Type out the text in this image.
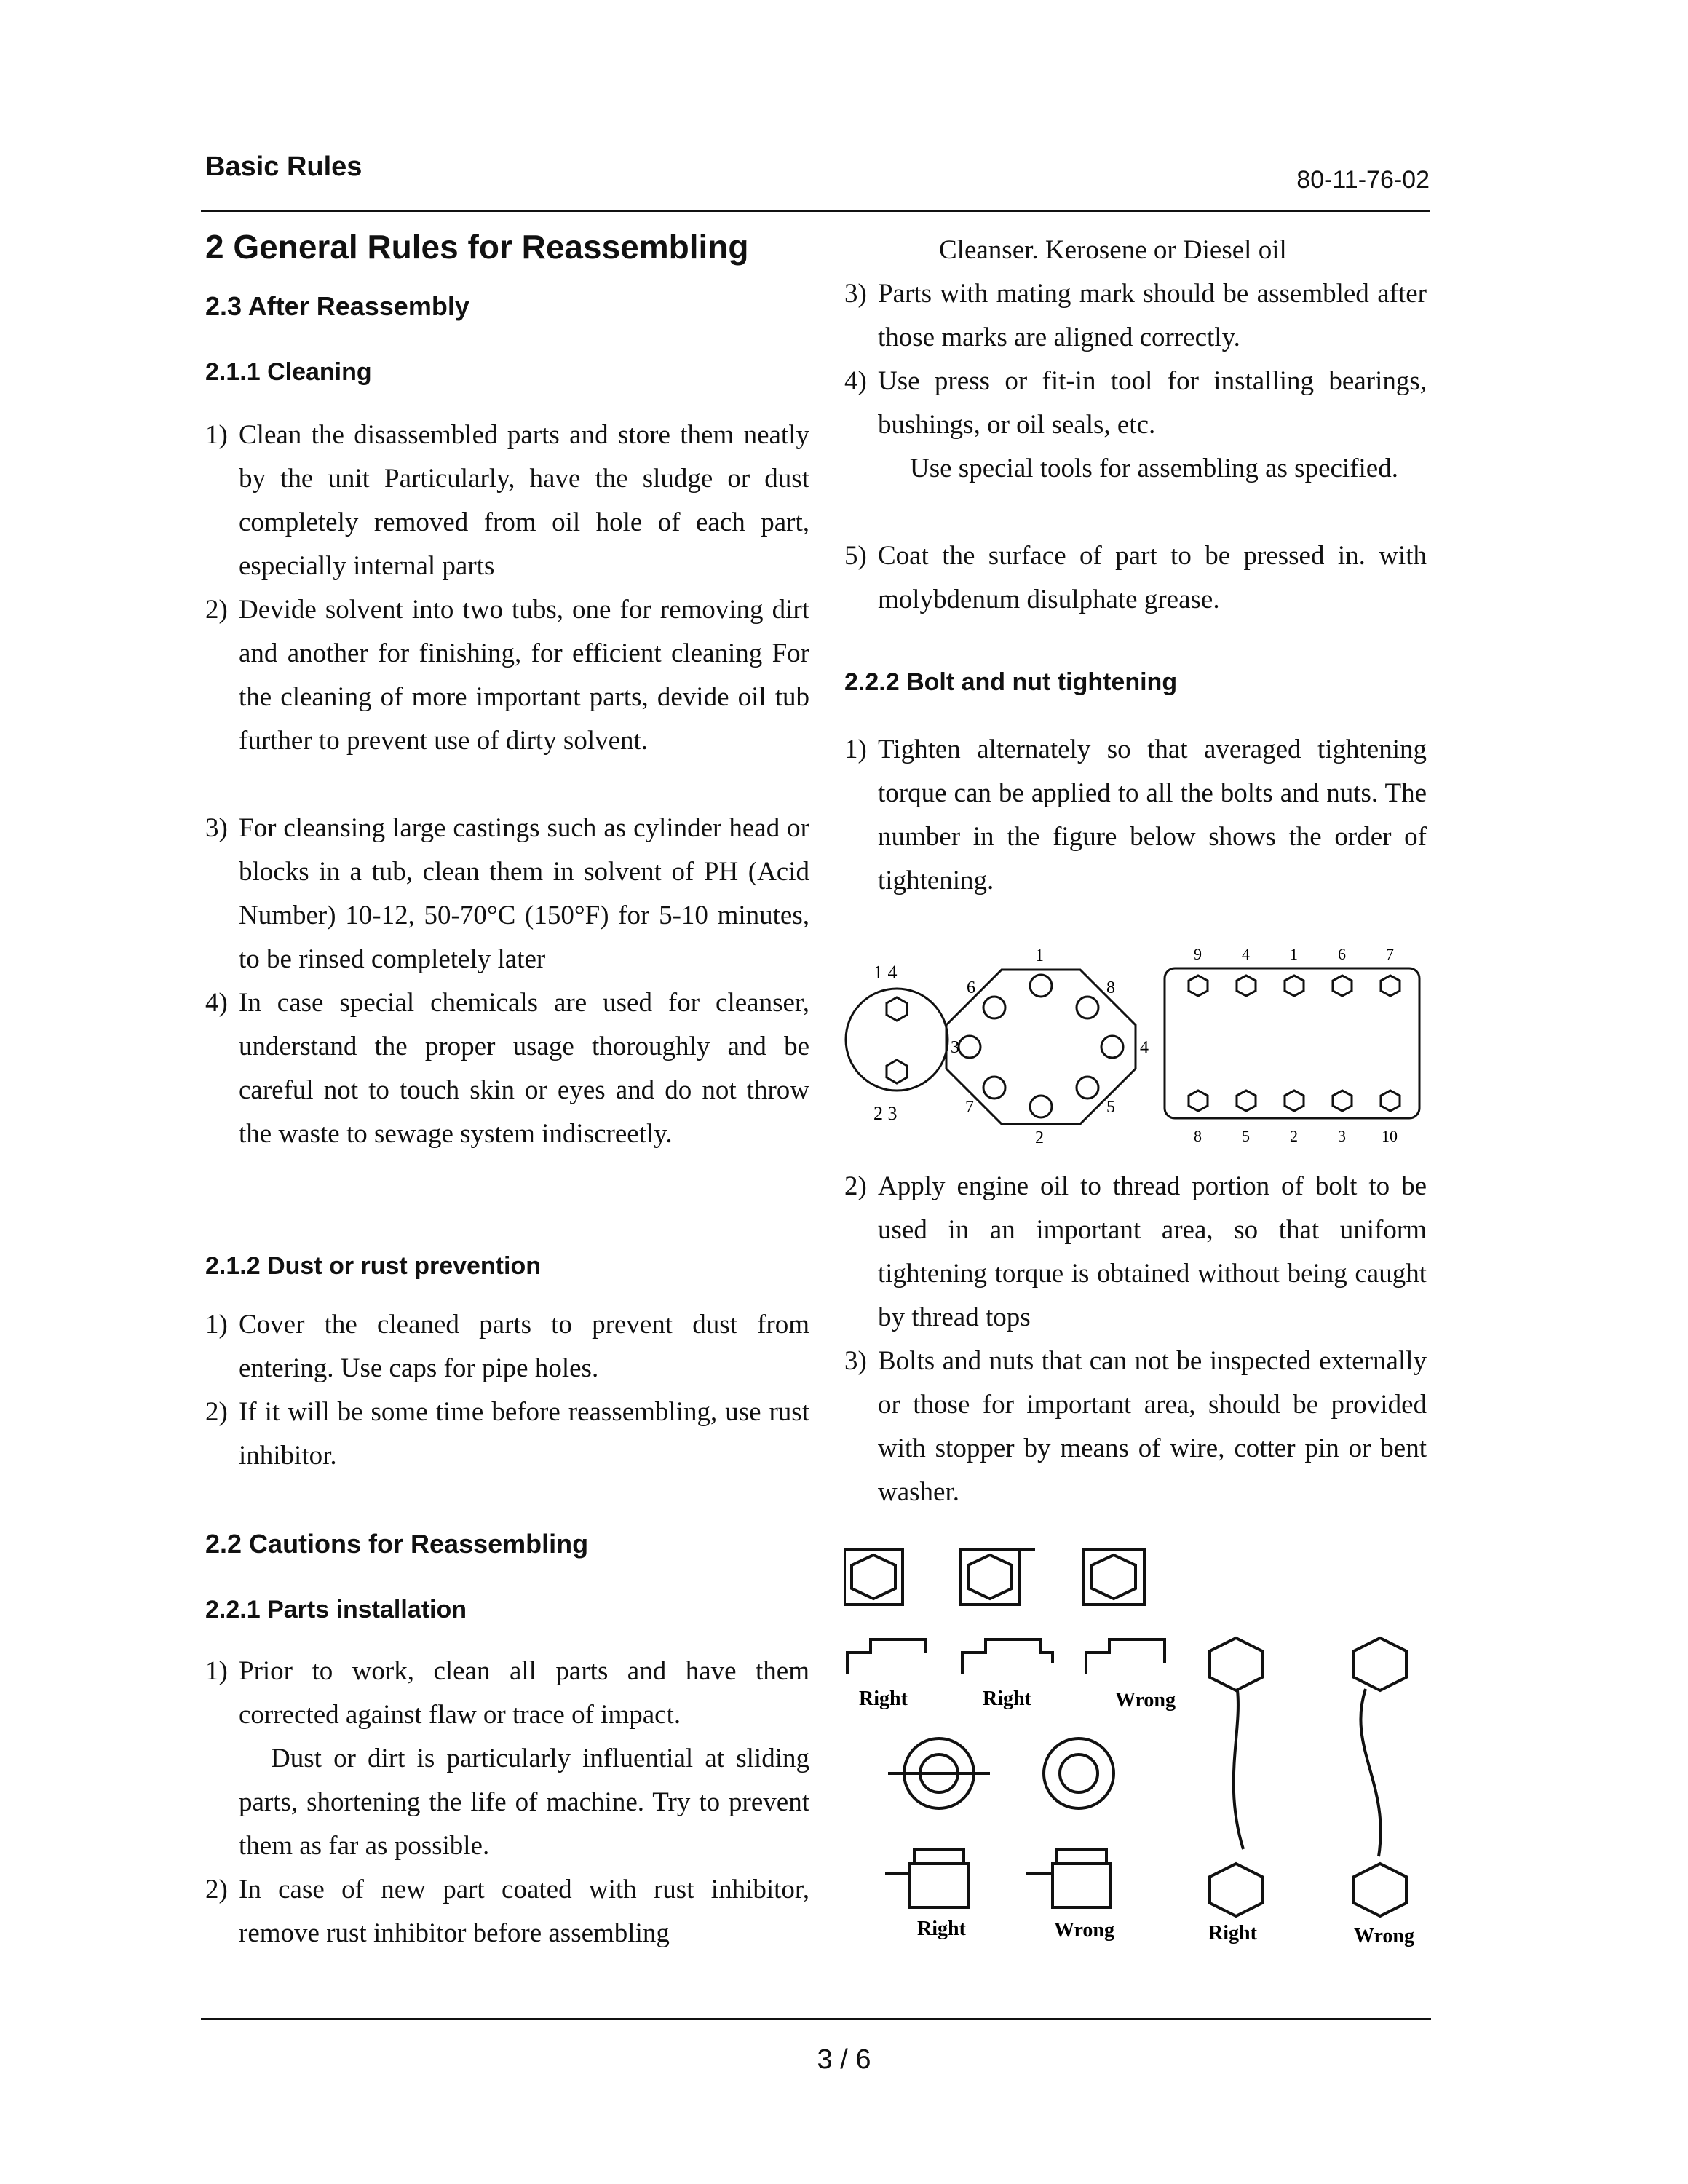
Basic Rules	80-11-76-02
2 General Rules for Reassembling
2.3 After Reassembly
2.1.1 Cleaning
1) Clean the disassembled parts and store them neatly by the unit Particularly, have the sludge or dust completely removed from oil hole of each part, especially internal parts
2) Devide solvent into two tubs, one for removing dirt and another for finishing, for efficient cleaning For the cleaning of more important parts, devide oil tub further to prevent use of dirty solvent.
3) For cleansing large castings such as cylinder head or blocks in a tub, clean them in solvent of PH (Acid Number) 10-12, 50-70°C (150°F) for 5-10 minutes, to be rinsed completely later
4) In case special chemicals are used for cleanser, understand the proper usage thoroughly and be careful not to touch skin or eyes and do not throw the waste to sewage system indiscreetly.
2.1.2 Dust or rust prevention
1) Cover the cleaned parts to prevent dust from entering. Use caps for pipe holes.
2) If it will be some time before reassembling, use rust inhibitor.
2.2 Cautions for Reassembling
2.2.1 Parts installation
1) Prior to work, clean all parts and have them corrected against flaw or trace of impact.
Dust or dirt is particularly influential at sliding parts, shortening the life of machine. Try to prevent them as far as possible.
2) In case of new part coated with rust inhibitor, remove rust inhibitor before assembling
Cleanser. Kerosene or Diesel oil
3) Parts with mating mark should be assembled after those marks are aligned correctly.
4) Use press or fit-in tool for installing bearings, bushings, or oil seals, etc.
Use special tools for assembling as specified.
5) Coat the surface of part to be pressed in. with molybdenum disulphate grease.
2.2.2 Bolt and nut tightening
1) Tighten alternately so that averaged tightening torque can be applied to all the bolts and nuts. The number in the figure below shows the order of tightening.
1 4
2 3
1
8
4
5
2
7
3
6
9	4	1	6	7
8	5	2	3 10
2) Apply engine oil to thread portion of bolt to be used in an important area, so that uniform tightening torque is obtained without being caught by thread tops
3) Bolts and nuts that can not be inspected externally or those for important area, should be provided with stopper by means of wire, cotter pin or bent washer.
Right	Right	Wrong
Right	Wrong	Right	Wrong
3 / 6
